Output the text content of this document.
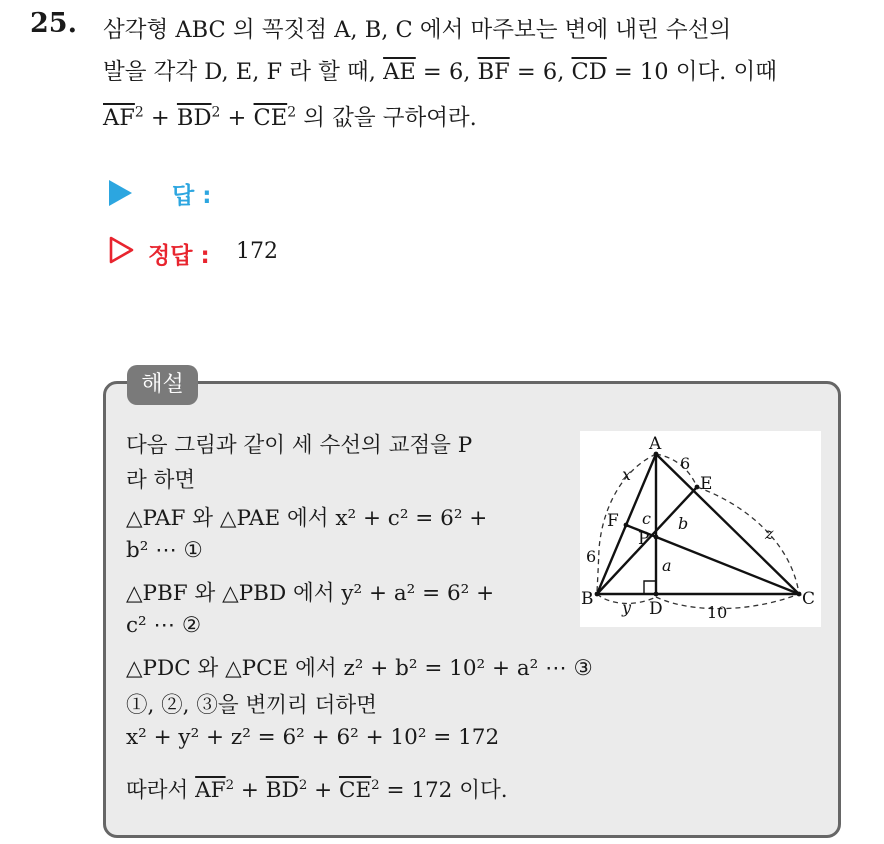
25. 삼각형 ABC 의 꼭짓점 A, B, C 에서 마주보는 변에 내린 수선의
발을 각각 D, E, F 라 할 때, $\overline{AE} = 6$, $\overline{BF} = 6$, $\overline{CD} = 10$ 이다. 이때
$\overline{AF}^2 + \overline{BD}^2 + \overline{CE}^2$ 의 값을 구하여라.
답 :
정답 : 172
해설
다음 그림과 같이 세 수선의 교점을 P
라 하면
△PAF 와 △PAE 에서 x² + c² = 6² +
b² ⋯ ①
△PBF 와 △PBD 에서 y² + a² = 6² +
c² ⋯ ②
△PDC 와 △PCE 에서 z² + b² = 10² + a² ⋯ ③
①, ②, ③을 변끼리 더하면
x² + y² + z² = 6² + 6² + 10² = 172
따라서 $\overline{AF}^2 + \overline{BD}^2 + \overline{CE}^2 = 172$ 이다.
A
B	C
D
E
F
P
x
y
z
a
b
c
6
6
10
